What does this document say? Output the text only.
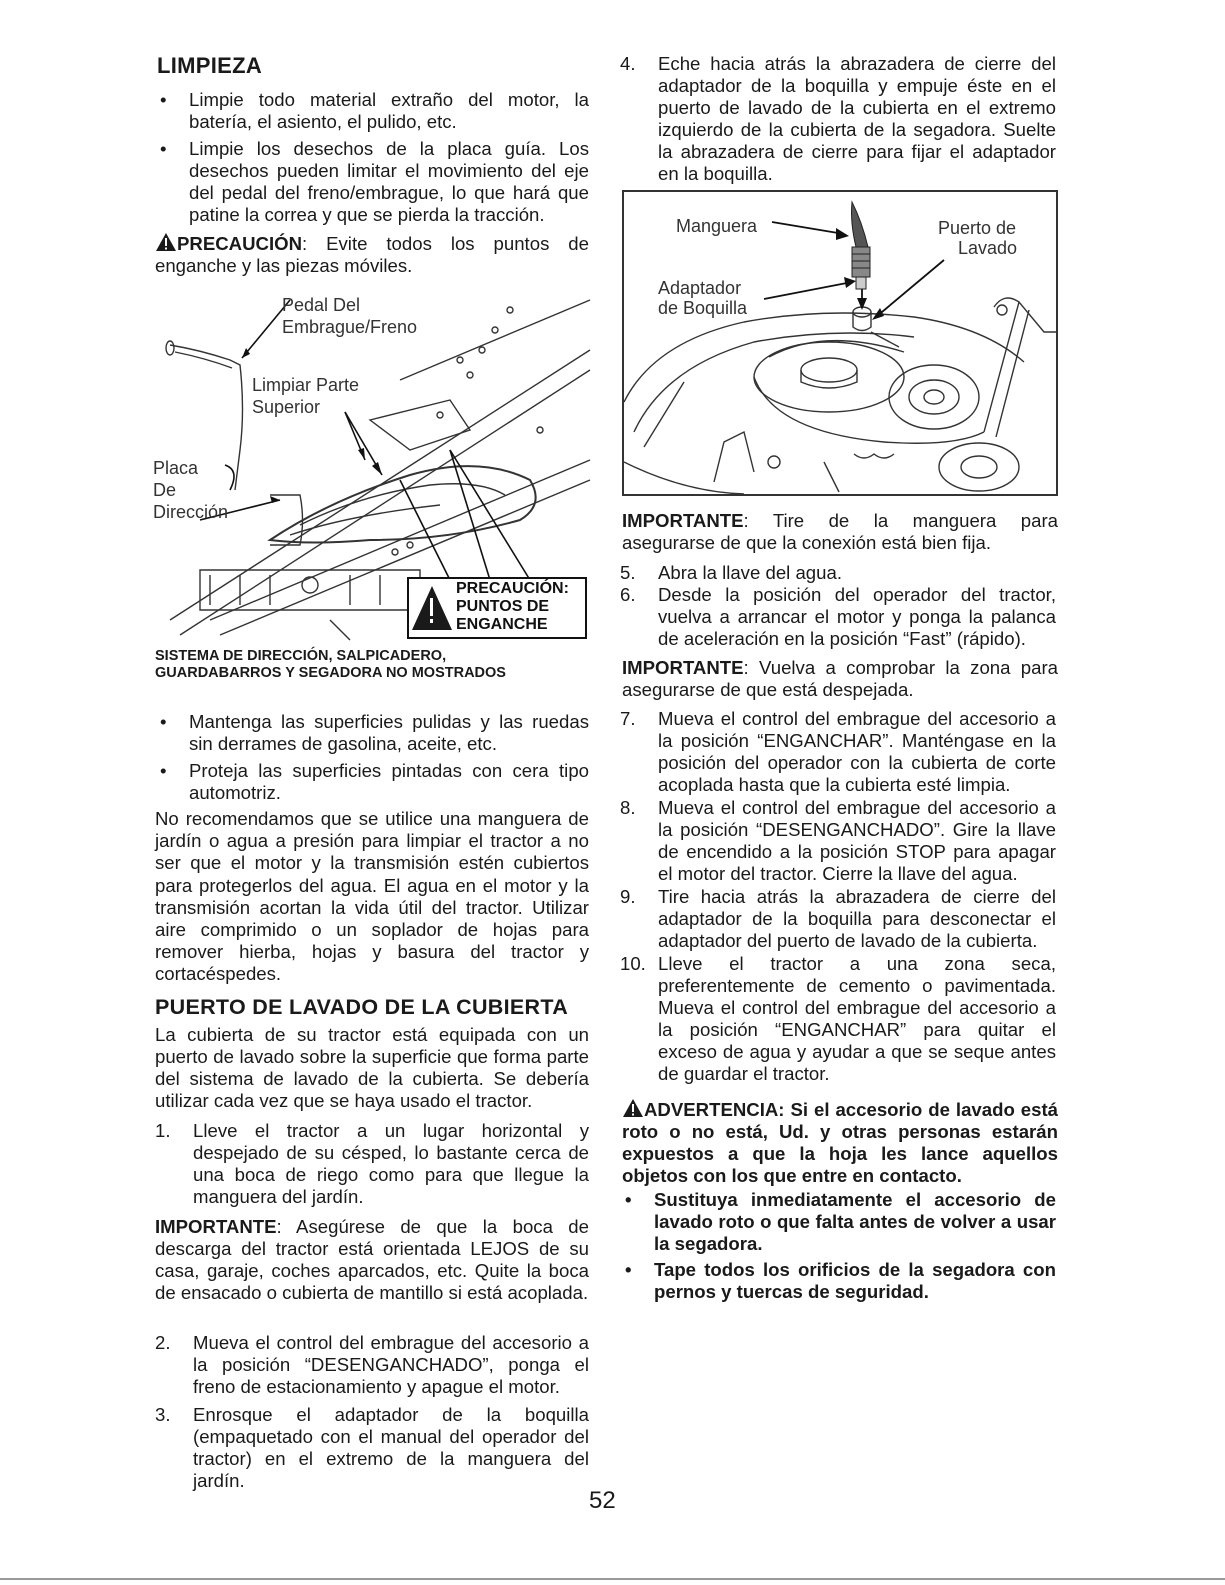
LIMPIEZA
• Limpie todo material extraño del motor, la batería, el asiento, el pulido, etc.
• Limpie los desechos de la placa guía. Los desechos pueden limitar el movimiento del eje del pedal del freno/embrague, lo que hará que patine la correa y que se pierda la tracción.
PRECAUCIÓN: Evite todos los puntos de enganche y las piezas móviles.
Pedal Del
Embrague/Freno
Limpiar Parte
Superior
Placa
De
Dirección
PRECAUCIÓN:
PUNTOS DE
ENGANCHE
SISTEMA DE DIRECCIÓN, SALPICADERO,
GUARDABARROS Y SEGADORA NO MOSTRADOS
• Mantenga las superficies pulidas y las ruedas sin derrames de gasolina, aceite, etc.
• Proteja las superficies pintadas con cera tipo automotriz.
No recomendamos que se utilice una manguera de jardín o agua a presión para limpiar el tractor a no ser que el motor y la transmisión estén cubiertos para protegerlos del agua. El agua en el motor y la transmisión acortan la vida útil del tractor. Utilizar aire comprimido o un soplador de hojas para remover hierba, hojas y basura del tractor y cortacéspedes.
PUERTO DE LAVADO DE LA CUBIERTA
La cubierta de su tractor está equipada con un puerto de lavado sobre la superficie que forma parte del sistema de lavado de la cubierta. Se debería utilizar cada vez que se haya usado el tractor.
1.	Lleve el tractor a un lugar horizontal y despejado de su césped, lo bastante cerca de una boca de riego como para que llegue la manguera del jardín.
IMPORTANTE: Asegúrese de que la boca de descarga del tractor está orientada LEJOS de su casa, garaje, coches aparcados, etc. Quite la boca de ensacado o cubierta de mantillo si está acoplada.
2.	Mueva el control del embrague del accesorio a la posición “DESENGANCHADO”, ponga el freno de estacionamiento y apague el motor.
3.	Enrosque el adaptador de la boquilla (empaquetado con el manual del operador del tractor) en el extremo de la manguera del jardín.
4.	Eche hacia atrás la abrazadera de cierre del adaptador de la boquilla y empuje éste en el puerto de lavado de la cubierta en el extremo izquierdo de la cubierta de la segadora. Suelte la abrazadera de cierre para fijar el adaptador en la boquilla.
Manguera	Puerto de
Lavado
Adaptador
de Boquilla
IMPORTANTE: Tire de la manguera para asegurarse de que la conexión está bien fija.
5.	Abra la llave del agua.
6.	Desde la posición del operador del tractor, vuelva a arrancar el motor y ponga la palanca de aceleración en la posición “Fast” (rápido).
IMPORTANTE: Vuelva a comprobar la zona para asegurarse de que está despejada.
7.	Mueva el control del embrague del accesorio a la posición “ENGANCHAR”. Manténgase en la posición del operador con la cubierta de corte acoplada hasta que la cubierta esté limpia.
8.	Mueva el control del embrague del accesorio a la posición “DESENGANCHADO”. Gire la llave de encendido a la posición STOP para apagar el motor del tractor. Cierre la llave del agua.
9.	Tire hacia atrás la abrazadera de cierre del adaptador de la boquilla para desconectar el adaptador del puerto de lavado de la cubierta.
10. Lleve el tractor a una zona seca, preferentemente de cemento o pavimentada. Mueva el control del embrague del accesorio a la posición “ENGANCHAR” para quitar el exceso de agua y ayudar a que se seque antes de guardar el tractor.
ADVERTENCIA: Si el accesorio de lavado está roto o no está, Ud. y otras personas estarán expuestos a que la hoja les lance aquellos objetos con los que entre en contacto.
• Sustituya inmediatamente el accesorio de lavado roto o que falta antes de volver a usar la segadora.
• Tape todos los orificios de la segadora con pernos y tuercas de seguridad.
52
